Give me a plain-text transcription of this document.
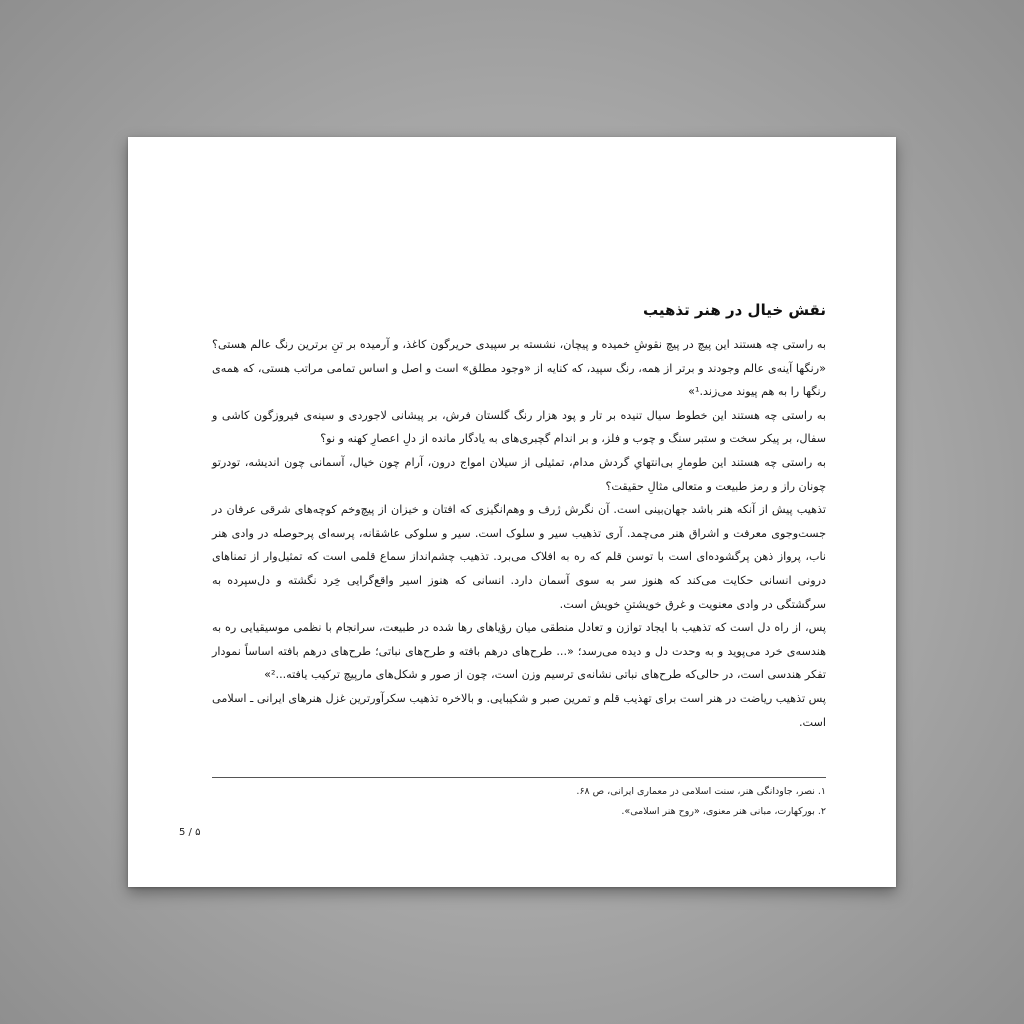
نقش خیال در هنر تذهیب

به راستی چه هستند این پیچ در پیچ نقوشِ خمیده و پیچان، نشسته بر سپیدی حریرگون کاغذ، و آرمیده بر تنِ برترین رنگ عالم هستی؟ «رنگها آینه‌ی عالم وجودند و برتر از همه، رنگ سپید، که کنایه از «وجود مطلق» است و اصل و اساس تمامی مراتب هستی، که همه‌ی رنگها را به هم پیوند می‌زند.¹»

به راستی چه هستند این خطوط سیال تنیده بر تار و پود هزار رنگ گلستان فرش، بر پیشانی لاجوردی و سینه‌ی فیروزگون کاشی و سفال، بر پیکر سخت و ستبر سنگ و چوب و فلز، و بر اندام گچبری‌های به یادگار مانده از دلِ اعصارِ کهنه و نو؟

به راستی چه هستند این طومارِ بی‌انتهایِ گردش مدام، تمثیلی از سیلان امواج درون، آرام چون خیال، آسمانی چون اندیشه، تودرتو چونان راز و رمز طبیعت و متعالی مثالِ حقیقت؟

تذهیب پیش از آنکه هنر باشد جهان‌بینی است. آن نگرش ژرف و وهم‌انگیزی که افتان و خیزان از پیچ‌وخم کوچه‌های شرقی عرفان در جست‌وجوی معرفت و اشراق هنر می‌چمد. آری تذهیب سیر و سلوک است. سیر و سلوکی عاشقانه، پرسه‌ای پرحوصله در وادی هنر ناب، پرواز ذهن پرگشوده‌ای است با توسن قلم که ره به افلاک می‌برد. تذهیب چشم‌انداز سماع قلمی است که تمثیل‌وار از تمناهای درونی انسانی حکایت می‌کند که هنوز سر به سوی آسمان دارد. انسانی که هنوز اسیر واقع‌گرایی خِرد نگشته و دل‌سپرده به سرگشتگی در وادی معنویت و غرق خویشتنِ خویش است.

پس، از راه دل است که تذهیب با ایجاد توازن و تعادل منطقی میان رؤیاهای رها شده در طبیعت، سرانجام با نظمی موسیقیایی ره به هندسه‌ی خرد می‌پوید و به وحدت دل و دیده می‌رسد؛ «... طرح‌های درهم بافته و طرح‌های نباتی؛ طرح‌های درهم بافته اساساً نمودار تفکر هندسی است، در حالی‌که طرح‌های نباتی نشانه‌ی ترسیم وزن است، چون از صور و شکل‌های مارپیچ ترکیب یافته...²»

پس تذهیب ریاضت در هنر است برای تهذیب قلم و تمرین صبر و شکیبایی. و بالاخره تذهیب سکرآورترین غزل هنرهای ایرانی ـ اسلامی است.

۱. نصر، جاودانگی هنر، سنت اسلامی در معماری ایرانی، ص ۶۸.

۲. بورکهارت، مبانی هنر معنوی، «روح هنر اسلامی».

5 / ۵
